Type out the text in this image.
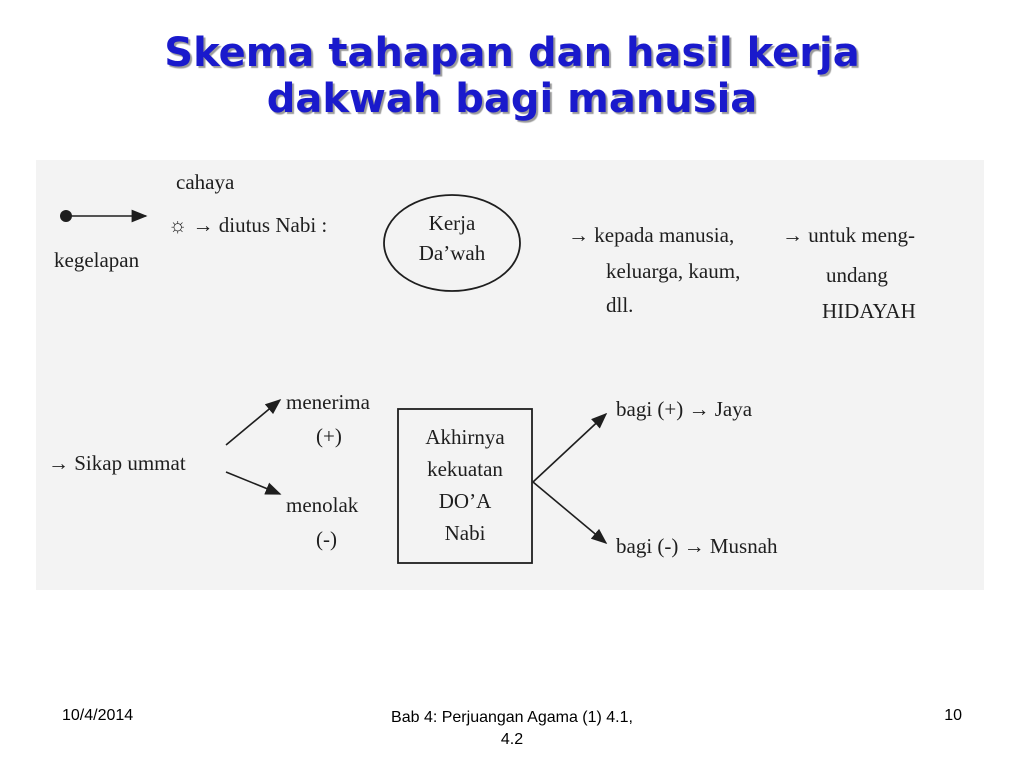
Skema tahapan dan hasil kerja
dakwah bagi manusia
cahaya
kegelapan
☼ → diutus Nabi :	Kerja
Da’wah
→ kepada manusia,
keluarga, kaum,
dll.
→ untuk meng-
undang
HIDAYAH
→ Sikap ummat
menerima
(+)
menolak
(-)
Akhirnya
kekuatan
DO’A
Nabi
bagi (+) → Jaya
bagi (-) → Musnah
10/4/2014	Bab 4: Perjuangan Agama (1) 4.1,
4.2
10
